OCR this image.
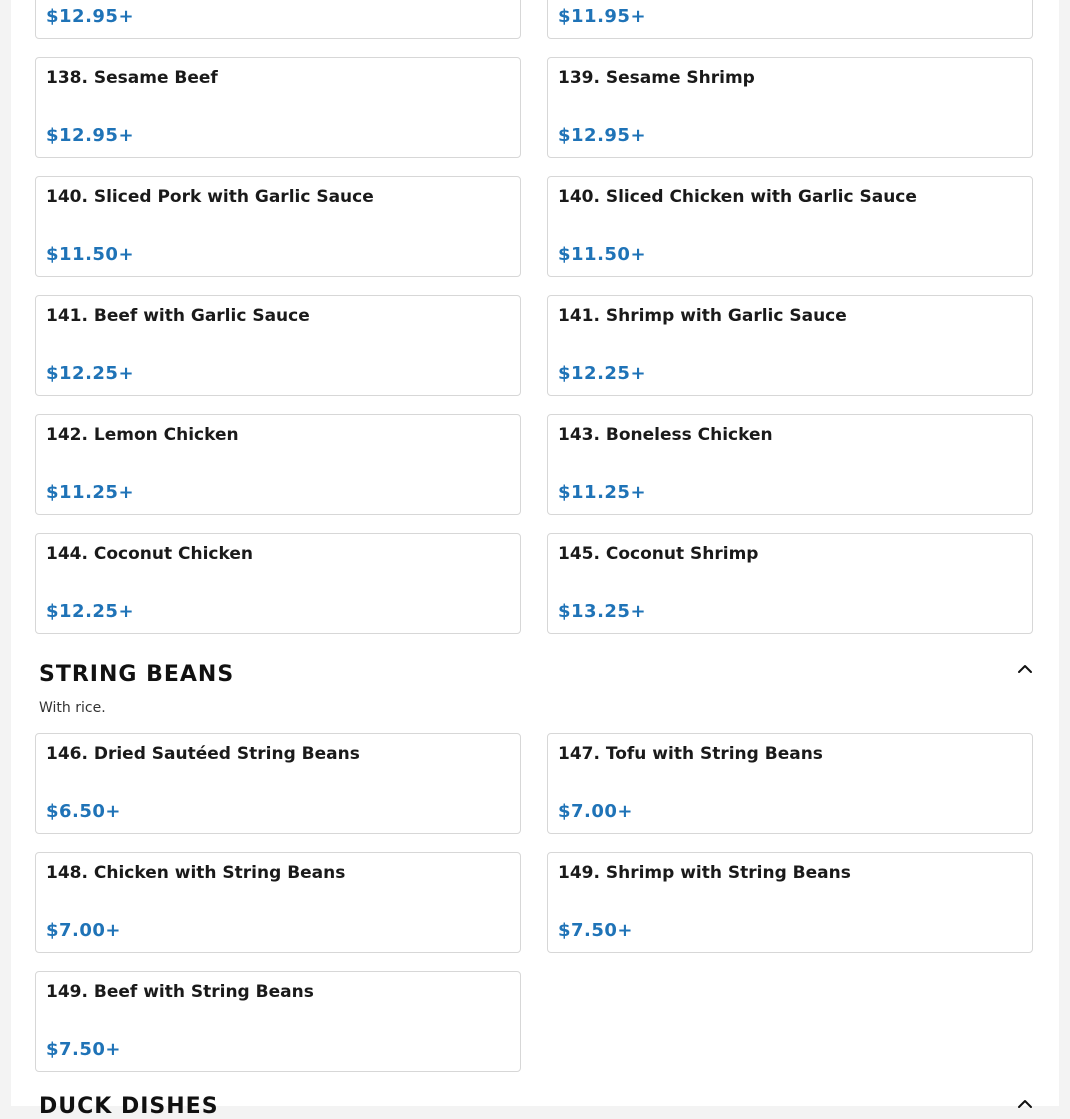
$12.95+	$11.95+
138. Sesame Beef
$12.95+
139. Sesame Shrimp
$12.95+
140. Sliced Pork with Garlic Sauce
$11.50+
140. Sliced Chicken with Garlic Sauce
$11.50+
141. Beef with Garlic Sauce
$12.25+
141. Shrimp with Garlic Sauce
$12.25+
142. Lemon Chicken
$11.25+
143. Boneless Chicken
$11.25+
144. Coconut Chicken
$12.25+
145. Coconut Shrimp
$13.25+
STRING BEANS
With rice.
146. Dried Sautéed String Beans
$6.50+
147. Tofu with String Beans
$7.00+
148. Chicken with String Beans
$7.00+
149. Shrimp with String Beans
$7.50+
149. Beef with String Beans
$7.50+
DUCK DISHES
